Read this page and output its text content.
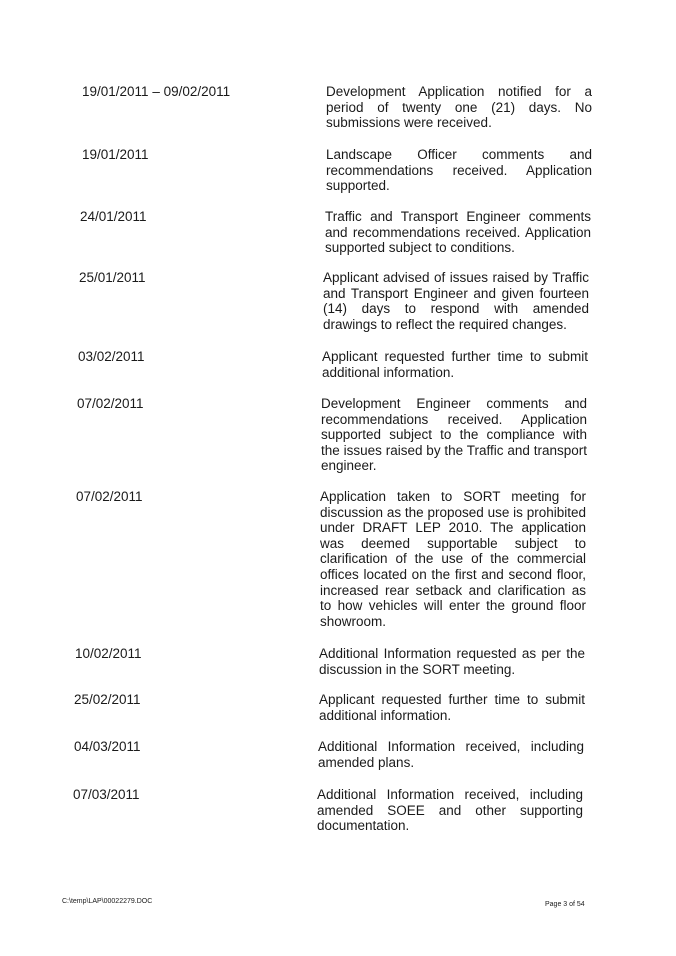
19/01/2011 – 09/02/2011	Development Application notified for a period of twenty one (21) days. No submissions were received.
19/01/2011	Landscape Officer comments and recommendations received. Application supported.
24/01/2011	Traffic and Transport Engineer comments and recommendations received. Application supported subject to conditions.
25/01/2011	Applicant advised of issues raised by Traffic and Transport Engineer and given fourteen (14) days to respond with amended drawings to reflect the required changes.
03/02/2011	Applicant requested further time to submit additional information.
07/02/2011	Development Engineer comments and recommendations received. Application supported subject to the compliance with the issues raised by the Traffic and transport engineer.
07/02/2011	Application taken to SORT meeting for discussion as the proposed use is prohibited under DRAFT LEP 2010. The application was deemed supportable subject to clarification of the use of the commercial offices located on the first and second floor, increased rear setback and clarification as to how vehicles will enter the ground floor showroom.
10/02/2011	Additional Information requested as per the discussion in the SORT meeting.
25/02/2011	Applicant requested further time to submit additional information.
04/03/2011	Additional Information received, including amended plans.
07/03/2011	Additional Information received, including amended SOEE and other supporting documentation.
C:\temp\LAP\00022279.DOC	Page 3 of 54
